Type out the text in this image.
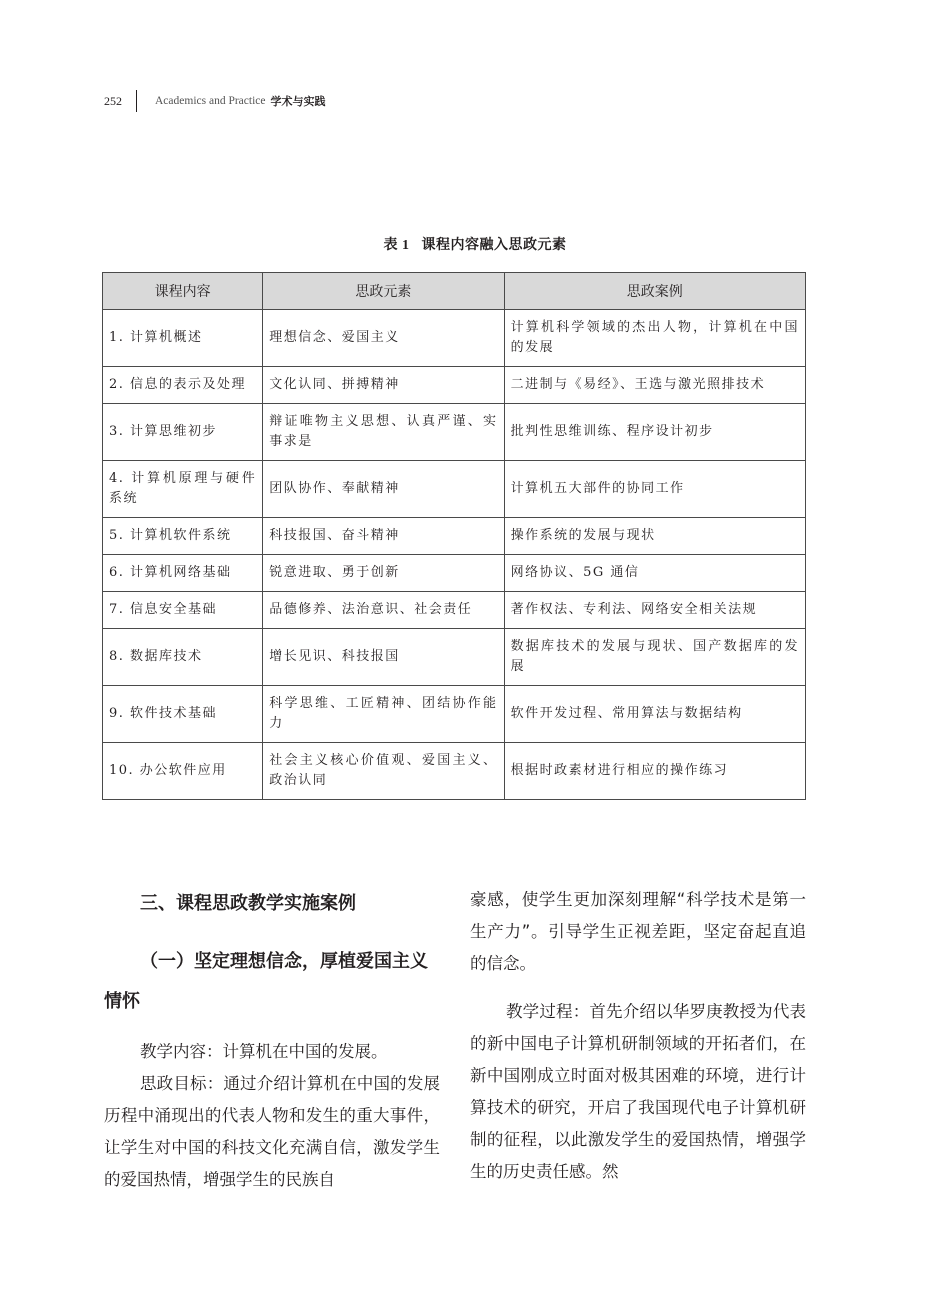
252	Academics and Practice 学术与实践
表 1 课程内容融入思政元素
课程内容	思政元素	思政案例
1. 计算机概述	理想信念、爱国主义	计算机科学领域的杰出人物，计算机在中国的发展
2. 信息的表示及处理	文化认同、拼搏精神	二进制与《易经》、王选与激光照排技术
3. 计算思维初步	辩证唯物主义思想、认真严谨、实事求是	批判性思维训练、程序设计初步
4. 计算机原理与硬件系统	团队协作、奉献精神	计算机五大部件的协同工作
5. 计算机软件系统	科技报国、奋斗精神	操作系统的发展与现状
6. 计算机网络基础	锐意进取、勇于创新	网络协议、5G 通信
7. 信息安全基础	品德修养、法治意识、社会责任	著作权法、专利法、网络安全相关法规
8. 数据库技术	增长见识、科技报国	数据库技术的发展与现状、国产数据库的发展
9. 软件技术基础	科学思维、工匠精神、团结协作能力	软件开发过程、常用算法与数据结构
10. 办公软件应用	社会主义核心价值观、爱国主义、政治认同	根据时政素材进行相应的操作练习
三、课程思政教学实施案例
（一）坚定理想信念，厚植爱国主义情怀

教学内容：计算机在中国的发展。

思政目标：通过介绍计算机在中国的发展历程中涌现出的代表人物和发生的重大事件，让学生对中国的科技文化充满自信，激发学生的爱国热情，增强学生的民族自

豪感，使学生更加深刻理解“科学技术是第一生产力”。引导学生正视差距，坚定奋起直追的信念。

教学过程：首先介绍以华罗庚教授为代表的新中国电子计算机研制领域的开拓者们，在新中国刚成立时面对极其困难的环境，进行计算技术的研究，开启了我国现代电子计算机研制的征程，以此激发学生的爱国热情，增强学生的历史责任感。然
